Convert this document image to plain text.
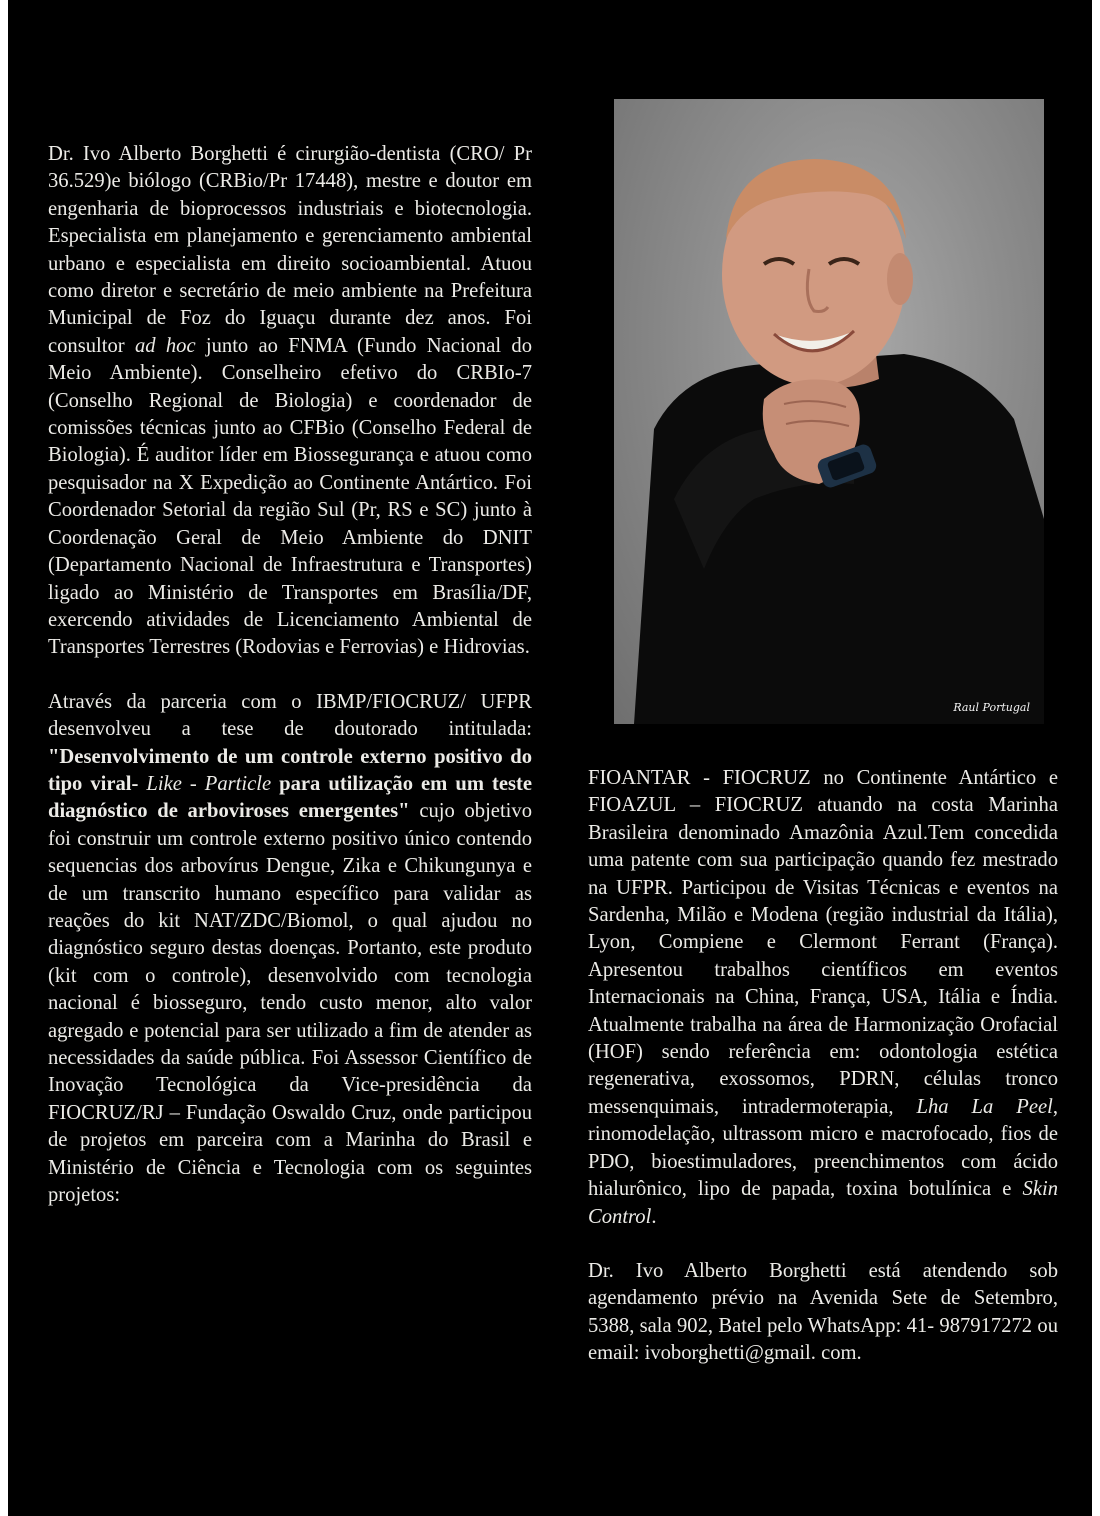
Dr. Ivo Alberto Borghetti é cirurgião-dentista (CRO/ Pr 36.529)e biólogo (CRBio/Pr 17448), mestre e doutor em engenharia de bioprocessos industriais e biotecnologia. Especialista em planejamento e gerenciamento ambiental urbano e especialista em direito socioambiental. Atuou como diretor e secretário de meio ambiente na Prefeitura Municipal de Foz do Iguaçu durante dez anos. Foi consultor ad hoc junto ao FNMA (Fundo Nacional do Meio Ambiente). Conselheiro efetivo do CRBIo-7 (Conselho Regional de Biologia) e coordenador de comissões técnicas junto ao CFBio (Conselho Federal de Biologia). É auditor líder em Biossegurança e atuou como pesquisador na X Expedição ao Continente Antártico. Foi Coordenador Setorial da região Sul (Pr, RS e SC) junto à Coordenação Geral de Meio Ambiente do DNIT (Departamento Nacional de Infraestrutura e Transportes) ligado ao Ministério de Transportes em Brasília/DF, exercendo atividades de Licenciamento Ambiental de Transportes Terrestres (Rodovias e Ferrovias) e Hidrovias.

Através da parceria com o IBMP/FIOCRUZ/ UFPR desenvolveu a tese de doutorado intitulada: "Desenvolvimento de um controle externo positivo do tipo viral- Like - Particle para utilização em um teste diagnóstico de arboviroses emergentes" cujo objetivo foi construir um controle externo positivo único contendo sequencias dos arbovírus Dengue, Zika e Chikungunya e de um transcrito humano específico para validar as reações do kit NAT/ZDC/Biomol, o qual ajudou no diagnóstico seguro destas doenças. Portanto, este produto (kit com o controle), desenvolvido com tecnologia nacional é biosseguro, tendo custo menor, alto valor agregado e potencial para ser utilizado a fim de atender as necessidades da saúde pública. Foi Assessor Científico de Inovação Tecnológica da Vice-presidência da FIOCRUZ/RJ – Fundação Oswaldo Cruz, onde participou de projetos em parceira com a Marinha do Brasil e Ministério de Ciência e Tecnologia com os seguintes projetos:

Raul Portugal

FIOANTAR - FIOCRUZ no Continente Antártico e FIOAZUL – FIOCRUZ atuando na costa Marinha Brasileira denominado Amazônia Azul.Tem concedida uma patente com sua participação quando fez mestrado na UFPR. Participou de Visitas Técnicas e eventos na Sardenha, Milão e Modena (região industrial da Itália), Lyon, Compiene e Clermont Ferrant (França). Apresentou trabalhos científicos em eventos Internacionais na China, França, USA, Itália e Índia. Atualmente trabalha na área de Harmonização Orofacial (HOF) sendo referência em: odontologia estética regenerativa, exossomos, PDRN, células tronco messenquimais, intradermoterapia, Lha La Peel, rinomodelação, ultrassom micro e macrofocado, fios de PDO, bioestimuladores, preenchimentos com ácido hialurônico, lipo de papada, toxina botulínica e Skin Control.

Dr. Ivo Alberto Borghetti está atendendo sob agendamento prévio na Avenida Sete de Setembro, 5388, sala 902, Batel pelo WhatsApp: 41- 987917272 ou email: ivoborghetti@gmail. com.
